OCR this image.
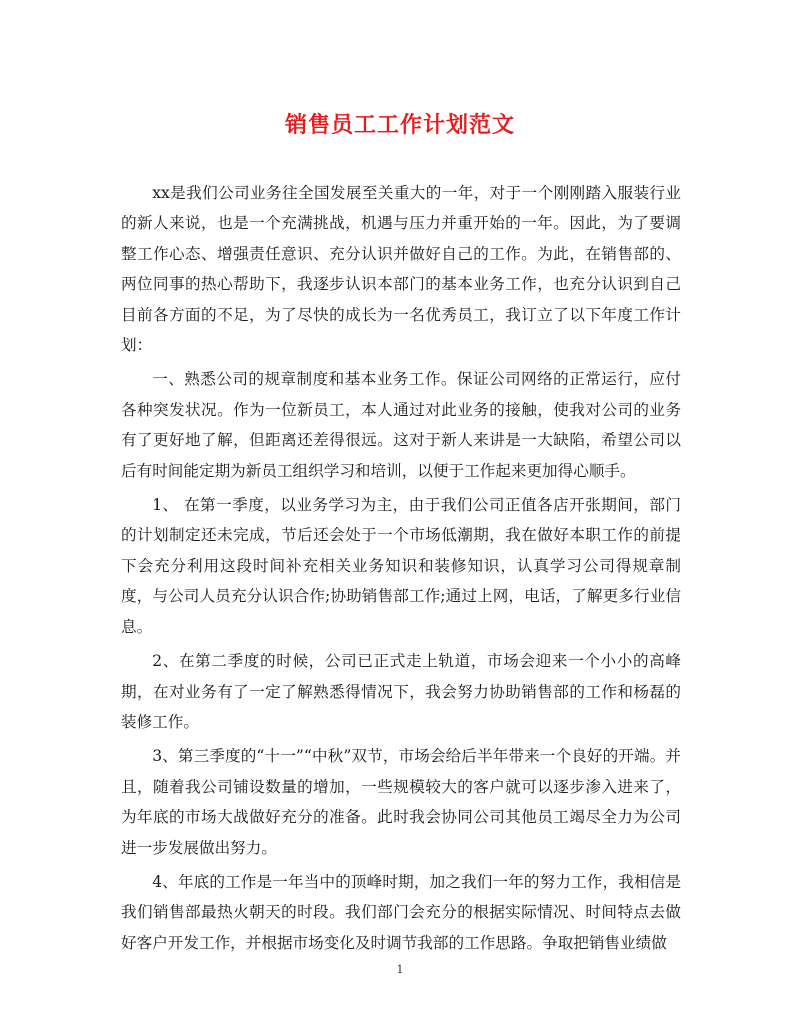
销售员工工作计划范文

xx是我们公司业务往全国发展至关重大的一年，对于一个刚刚踏入服装行业的新人来说，也是一个充满挑战，机遇与压力并重开始的一年。因此，为了要调整工作心态、增强责任意识、充分认识并做好自己的工作。为此，在销售部的、两位同事的热心帮助下，我逐步认识本部门的基本业务工作，也充分认识到自己目前各方面的不足，为了尽快的成长为一名优秀员工，我订立了以下年度工作计划：

一、熟悉公司的规章制度和基本业务工作。保证公司网络的正常运行，应付各种突发状况。作为一位新员工，本人通过对此业务的接触，使我对公司的业务有了更好地了解，但距离还差得很远。这对于新人来讲是一大缺陷，希望公司以后有时间能定期为新员工组织学习和培训，以便于工作起来更加得心顺手。

1、 在第一季度，以业务学习为主，由于我们公司正值各店开张期间，部门的计划制定还未完成，节后还会处于一个市场低潮期，我在做好本职工作的前提下会充分利用这段时间补充相关业务知识和装修知识，认真学习公司得规章制度，与公司人员充分认识合作;协助销售部工作;通过上网，电话，了解更多行业信息。

2、在第二季度的时候，公司已正式走上轨道，市场会迎来一个小小的高峰期，在对业务有了一定了解熟悉得情况下，我会努力协助销售部的工作和杨磊的装修工作。

3、第三季度的“十一”“中秋”双节，市场会给后半年带来一个良好的开端。并且，随着我公司铺设数量的增加，一些规模较大的客户就可以逐步渗入进来了，为年底的市场大战做好充分的准备。此时我会协同公司其他员工竭尽全力为公司进一步发展做出努力。

4、年底的工作是一年当中的顶峰时期，加之我们一年的努力工作，我相信是我们销售部最热火朝天的时段。我们部门会充分的根据实际情况、时间特点去做好客户开发工作，并根据市场变化及时调节我部的工作思路。争取把销售业绩做

1
